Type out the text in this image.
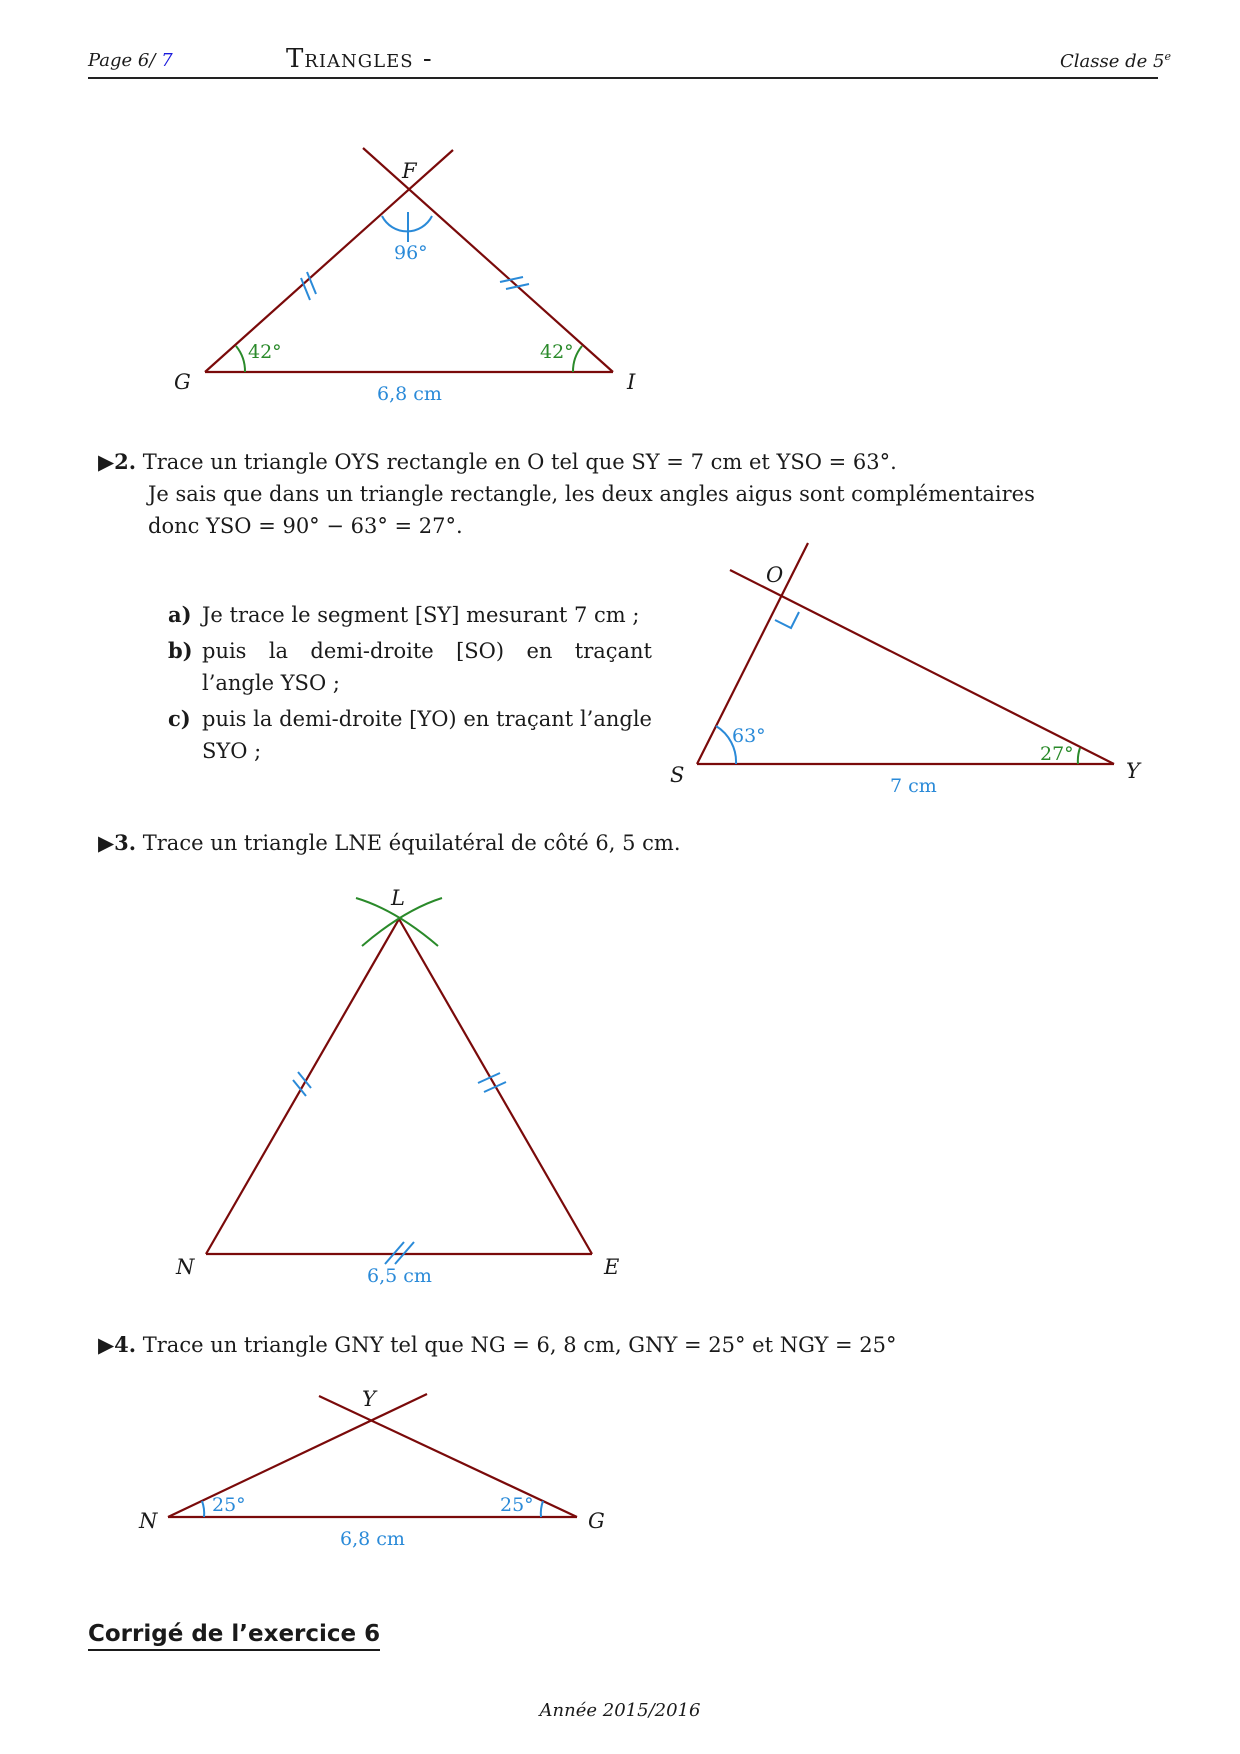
Page 6/ 7	Triangles -	Classe de 5e
F
G	I
96°
42°	42°
6,8 cm
O
S	Y
63°
27°
7 cm
L
N	E
6,5 cm
Y
N	G
25°	25°
6,8 cm
▶2. Trace un triangle OYS rectangle en O tel que SY = 7 cm et YSO = 63°.
Je sais que dans un triangle rectangle, les deux angles aigus sont complémentaires
donc YSO = 90° − 63° = 27°.
a) Je trace le segment [SY] mesurant 7 cm ;
b) puis la demi-droite [SO) en traçant l’angle YSO ;
c) puis la demi-droite [YO) en traçant l’angle SYO ;
▶3. Trace un triangle LNE équilatéral de côté 6, 5 cm.
▶4. Trace un triangle GNY tel que NG = 6, 8 cm, GNY = 25° et NGY = 25°
Corrigé de l’exercice 6
Année 2015/2016
